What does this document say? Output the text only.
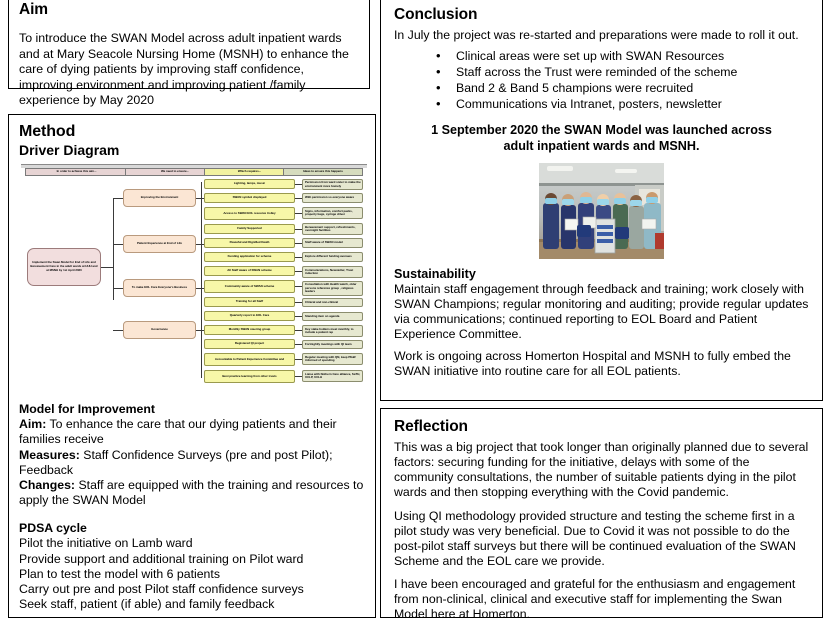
Aim

To introduce the SWAN Model across adult inpatient wards and at Mary Seacole Nursing Home (MSNH) to enhance the care of dying patients by improving staff confidence, improving environment and improving patient /family experience by May 2020

Method
Driver Diagram
In order to achieve this aim...	We need to ensure...	Which requires...	Ideas to ensure this happens
Implement the Swan Model for End of Life and Bereavement Care in the adult wards at HUH and at MSNH by 1st April 2020
Improving the Environment
Patient Experience at End of Life
To make EOL Care Everyone's Business
Governance
Lighting, lamps, music
SWAN symbol displayed
Access to SWAN EOL resource trolley
Family Supported
Peaceful and Dignified Death
Funding application for scheme
All Staff aware of SWAN scheme
Community aware of SWAN scheme
Training for all Staff
Quarterly report to EOL Care
Monthly SWAN steering group
Registered QI project
Accountable to Patient Experience Committee and
Best practice learning from other trusts
Permission from ward sister to make the environment more homely
With permission so everyone aware
Signs, information, comfort packs, property bags, syringe driver
Bereavement support, refreshments, overnight facilities
Staff aware of SWAN model
Explore different funding avenues
Communications, Newsletter, Trust induction
Consultation with Health watch, older persons reference group , religious leaders
Clinical and non-clinical
Standing item on agenda
Key stake holders meet monthly, to include a patient rep
Fortnightly meetings with QI team
Regular meeting with QN, keep PE&F informed of spending
Liaise with Nothern Care alliance, SaTH, UCLP, UCLH
Model for Improvement
Aim: To enhance the care that our dying patients and their families receive
Measures: Staff Confidence Surveys (pre and post Pilot); Feedback
Changes: Staff are equipped with the training and resources to apply the SWAN Model
PDSA cycle
Pilot the initiative on Lamb ward
Provide support and additional training on Pilot ward
Plan to test the model with 6 patients
Carry out pre and post Pilot staff confidence surveys
Seek staff, patient (if able) and family feedback
Conclusion

In July the project was re-started and preparations were made to roll it out.

• Clinical areas were set up with SWAN Resources
• Staff across the Trust were reminded of the scheme
• Band 2 & Band 5 champions were recruited
• Communications via Intranet, posters, newsletter

1 September 2020 the SWAN Model was launched across adult inpatient wards and MSNH.

Sustainability

Maintain staff engagement through feedback and training; work closely with SWAN Champions; regular monitoring and auditing; provide regular updates via communications; continued reporting to EOL Board and Patient Experience Committee.

Work is ongoing across Homerton Hospital and MSNH to fully embed the SWAN initiative into routine care for all EOL patients.

Reflection

This was a big project that took longer than originally planned due to several factors: securing funding for the initiative, delays with some of the community consultations, the number of suitable patients dying in the pilot wards and then stopping everything with the Covid pandemic.

Using QI methodology provided structure and testing the scheme first in a pilot study was very beneficial. Due to Covid it was not possible to do the post-pilot staff surveys but there will be continued evaluation of the SWAN Scheme and the EOL care we provide.

I have been encouraged and grateful for the enthusiasm and engagement from non-clinical, clinical and executive staff for implementing the Swan Model here at Homerton.
